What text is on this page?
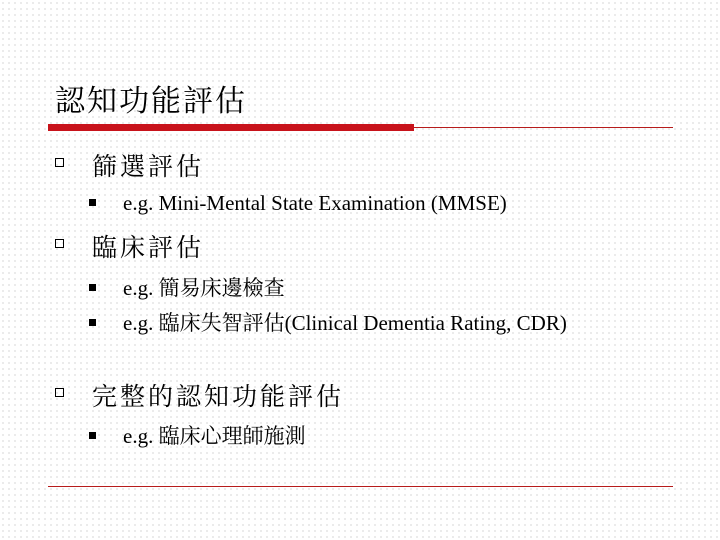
認知功能評估
篩選評估
e.g. Mini-Mental State Examination (MMSE)
臨床評估
e.g. 簡易床邊檢查
e.g. 臨床失智評估(Clinical Dementia Rating, CDR)
完整的認知功能評估
e.g. 臨床心理師施測
